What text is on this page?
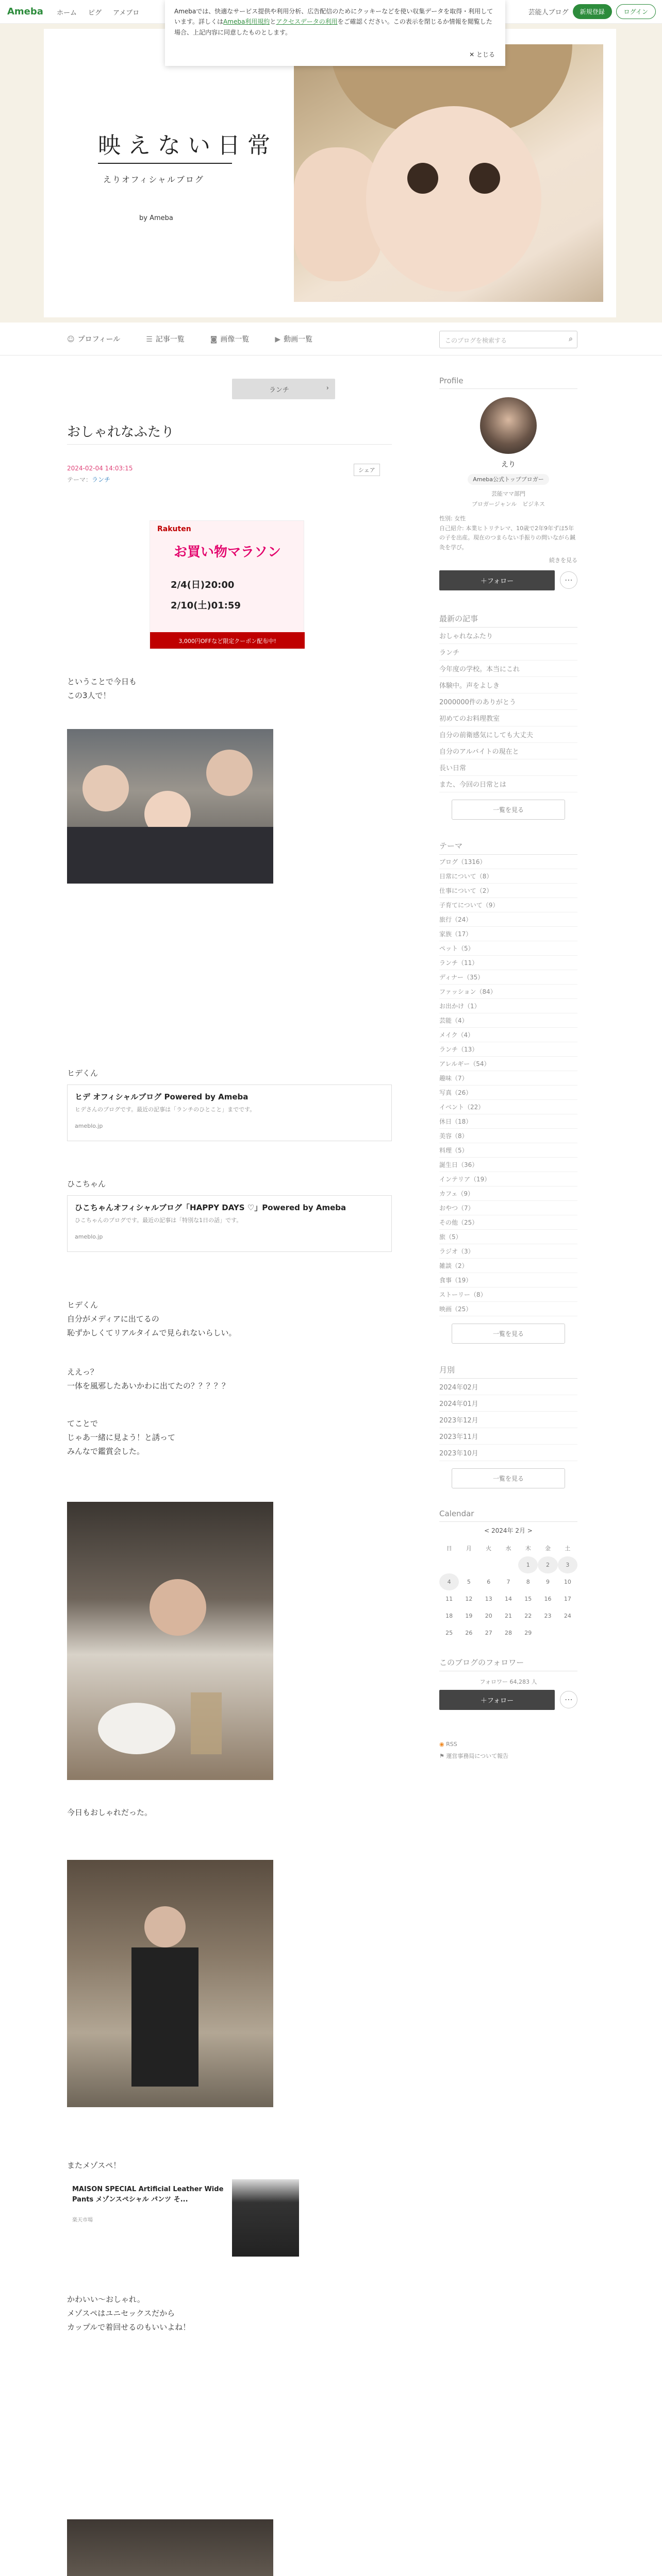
Ameba ホーム ピグ アメブロ	芸能人ブログ	新規登録	ログイン
Amebaでは、快適なサービス提供や利用分析、広告配信のためにクッキーなどを使い収集データを取得・利用しています。詳しくはAmeba利用規約とアクセスデータの利用をご確認ください。この表示を閉じるか情報を閲覧した場合、上記内容に同意したものとします。
✕ とじる
映えない日常
えりオフィシャルブログ
by Ameba
☺ プロフィール	☰ 記事一覧	◙ 画像一覧	▶ 動画一覧	このブログを検索する	⌕
ランチ	›
おしゃれなふたり
2024-02-04 14:03:15
テーマ：ランチ
シェア
Rakuten
お買い物マラソン
2/4(日)20:00
2/10(土)01:59
3,000円OFFなど限定クーポン配布中!
ということで今日も
この3人で！
ヒデくん
ヒデ オフィシャルブログ Powered by Ameba
ヒデさんのブログです。最近の記事は「ランチのひとこと」までです。
ameblo.jp
ひこちゃん
ひこちゃんオフィシャルブログ「HAPPY DAYS ♡」Powered by Ameba
ひこちゃんのブログです。最近の記事は「特別な1日の話」です。
ameblo.jp
ヒデくん
自分がメディアに出てるの
恥ずかしくてリアルタイムで見られないらしい。
ええっ？
一体を風邪したあいかわに出てたの？？？？？
てことで
じゃあ一緒に見よう！と誘って
みんなで鑑賞会した。
今日もおしゃれだった。
またメゾスペ！
MAISON SPECIAL Artificial Leather Wide Pants メゾンスペシャル パンツ そ...
楽天市場
かわいい〜おしゃれ。
メゾスペはユニセックスだから
カップルで着回せるのもいいよね！
Profile
えり
Ameba公式トップブロガー
芸能ママ部門
ブロガージャンル　ビジネス
性別: 女性
自己紹介: 本業ヒトリテレマ、10歳で2年9年ずほ5年の子を出産。現在のつまらない手振りの問いながら鍼灸を学び。
続きを見る
＋フォロー	⋯
最新の記事
おしゃれなふたり
ランチ
今年度の学校。本当にこれ
体験中。声をよしき
2000000件のありがとう
初めてのお料理教室
自分の前衛感気にしても大丈夫
自分のアルバイトの現在と
長い日常
また、今回の日常とは
一覧を見る
テーマ
ブログ（1316）
日常について（8）
仕事について（2）
子育てについて（9）
旅行（24）
家族（17）
ペット（5）
ランチ（11）
ディナー（35）
ファッション（84）
お出かけ（1）
芸能（4）
メイク（4）
ランチ（13）
アレルギー（54）
趣味（7）
写真（26）
イベント（22）
休日（18）
美容（8）
料理（5）
誕生日（36）
インテリア（19）
カフェ（9）
おやつ（7）
その他（25）
旅（5）
ラジオ（3）
雑談（2）
食事（19）
ストーリー（8）
映画（25）
一覧を見る
月別
2024年02月
2024年01月
2023年12月
2023年11月
2023年10月
一覧を見る
Calendar
< 2024年 2月 >
日	月	火	水	木	金	土
				1	2	3
4	5	6	7	8	9	10
11	12	13	14	15	16	17
18	19	20	21	22	23	24
25	26	27	28	29		
このブログのフォロワー
フォロワー 64,283 人
＋フォロー	⋯
◉ RSS
⚑ 運営事務局について報告
